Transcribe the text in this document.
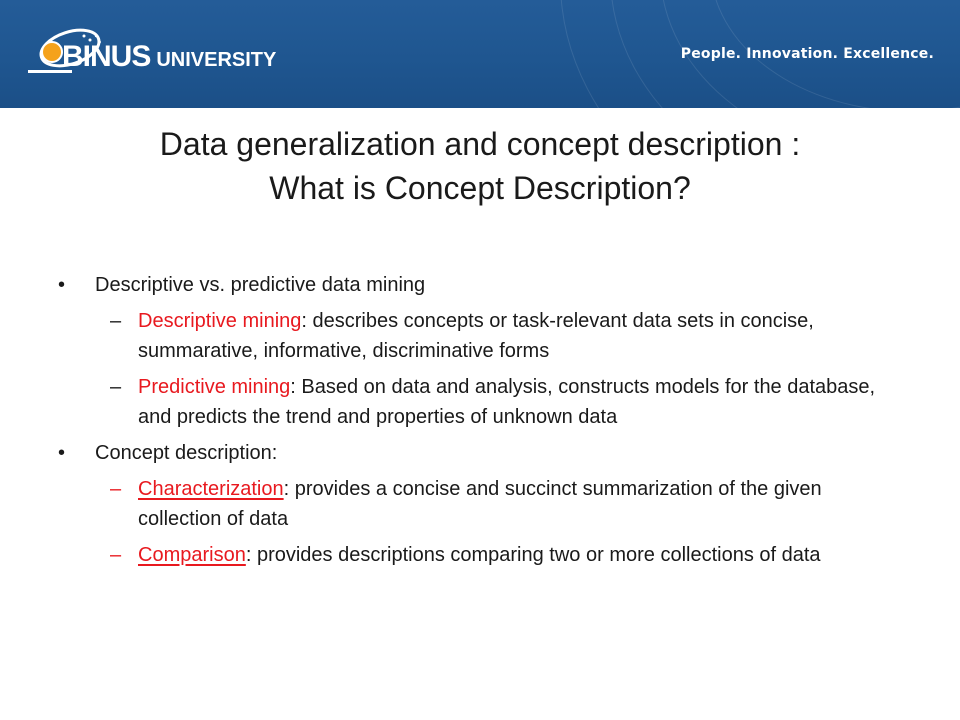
BINUS UNIVERSITY	People. Innovation. Excellence.
Data generalization and concept description :
What is Concept Description?
• Descriptive vs. predictive data mining
– Descriptive mining: describes concepts or task-relevant data sets in concise, summarative, informative, discriminative forms
– Predictive mining: Based on data and analysis, constructs models for the database, and predicts the trend and properties of unknown data
• Concept description:
– Characterization: provides a concise and succinct summarization of the given collection of data
– Comparison: provides descriptions comparing two or more collections of data
